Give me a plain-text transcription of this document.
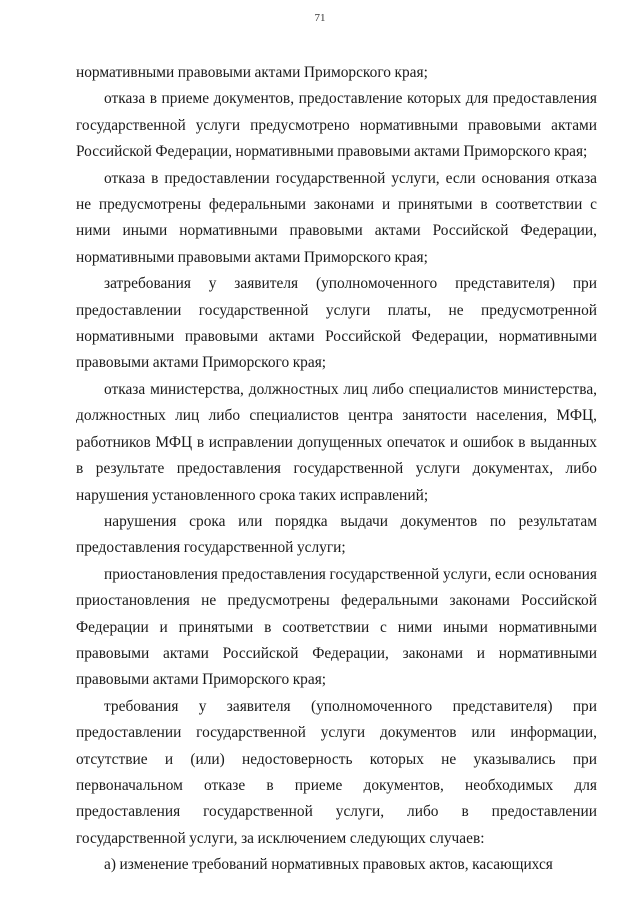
71

нормативными правовыми актами Приморского края;

отказа в приеме документов, предоставление которых для предоставления государственной услуги предусмотрено нормативными правовыми актами Российской Федерации, нормативными правовыми актами Приморского края;

отказа в предоставлении государственной услуги, если основания отказа не предусмотрены федеральными законами и принятыми в соответствии с ними иными нормативными правовыми актами Российской Федерации, нормативными правовыми актами Приморского края;

затребования у заявителя (уполномоченного представителя) при предоставлении государственной услуги платы, не предусмотренной нормативными правовыми актами Российской Федерации, нормативными правовыми актами Приморского края;

отказа министерства, должностных лиц либо специалистов министерства, должностных лиц либо специалистов центра занятости населения, МФЦ, работников МФЦ в исправлении допущенных опечаток и ошибок в выданных в результате предоставления государственной услуги документах, либо нарушения установленного срока таких исправлений;

нарушения срока или порядка выдачи документов по результатам предоставления государственной услуги;

приостановления предоставления государственной услуги, если основания приостановления не предусмотрены федеральными законами Российской Федерации и принятыми в соответствии с ними иными нормативными правовыми актами Российской Федерации, законами и нормативными правовыми актами Приморского края;

требования у заявителя (уполномоченного представителя) при предоставлении государственной услуги документов или информации, отсутствие и (или) недостоверность которых не указывались при первоначальном отказе в приеме документов, необходимых для предоставления государственной услуги, либо в предоставлении государственной услуги, за исключением следующих случаев:

а) изменение требований нормативных правовых актов, касающихся
